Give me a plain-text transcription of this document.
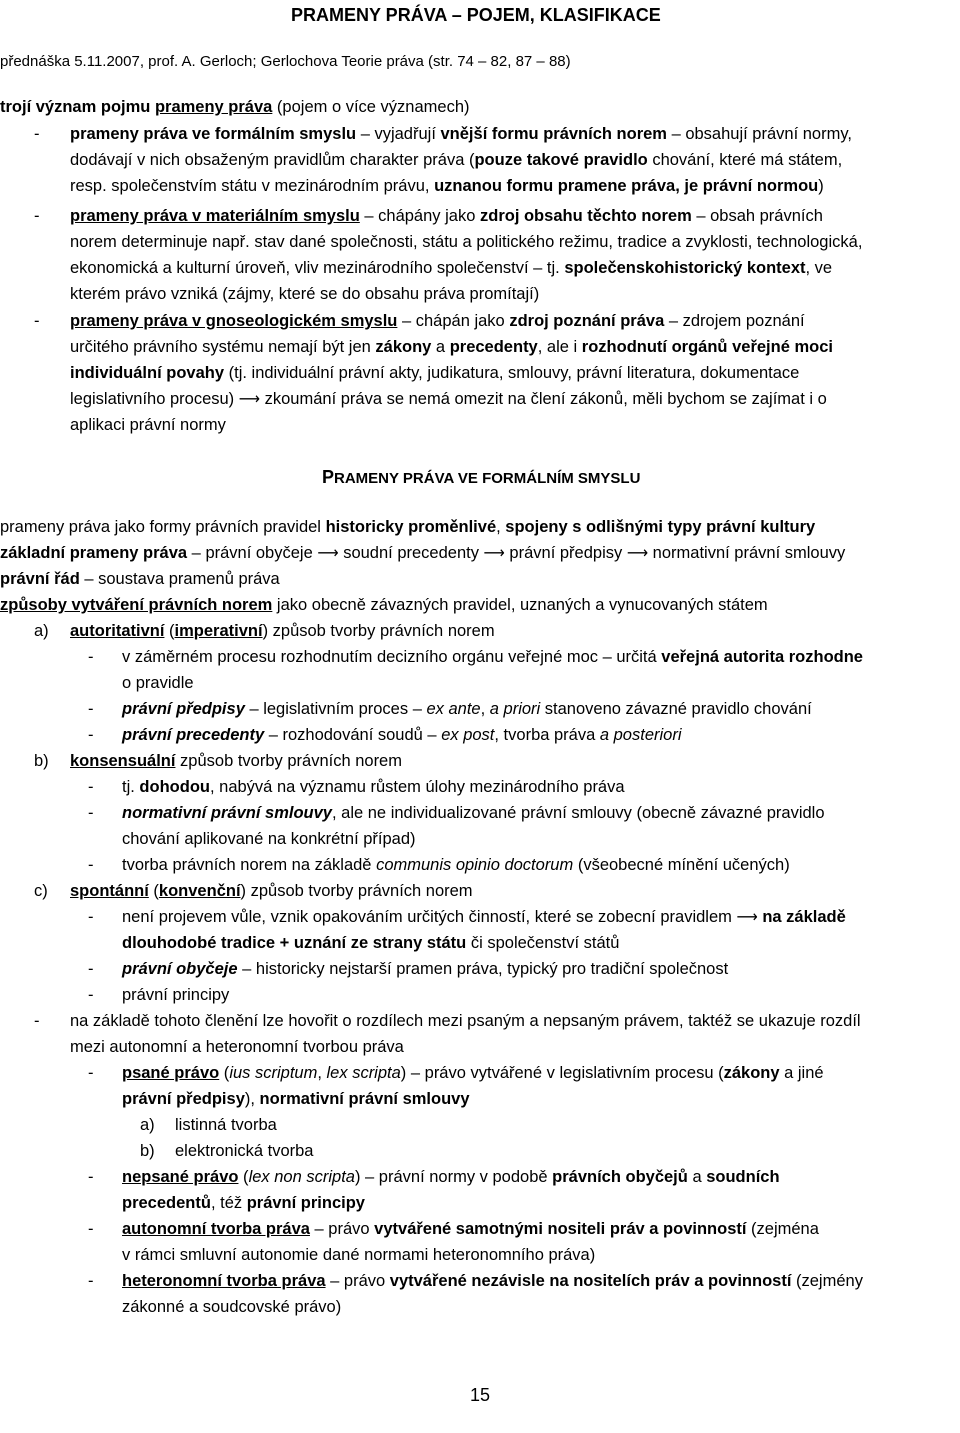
PRAMENY PRÁVA – POJEM, KLASIFIKACE
přednáška 5.11.2007, prof. A. Gerloch; Gerlochova Teorie práva (str. 74 – 82, 87 – 88)
trojí význam pojmu prameny práva (pojem o více významech)
- prameny práva ve formálním smyslu – vyjadřují vnější formu právních norem – obsahují právní normy,
dodávají v nich obsaženým pravidlům charakter práva (pouze takové pravidlo chování, které má státem,
resp. společenstvím státu v mezinárodním právu, uznanou formu pramene práva, je právní normou)
- prameny práva v materiálním smyslu – chápány jako zdroj obsahu těchto norem – obsah právních
norem determinuje např. stav dané společnosti, státu a politického režimu, tradice a zvyklosti, technologická,
ekonomická a kulturní úroveň, vliv mezinárodního společenství – tj. společenskohistorický kontext, ve
kterém právo vzniká (zájmy, které se do obsahu práva promítají)
- prameny práva v gnoseologickém smyslu – chápán jako zdroj poznání práva – zdrojem poznání
určitého právního systému nemají být jen zákony a precedenty, ale i rozhodnutí orgánů veřejné moci
individuální povahy (tj. individuální právní akty, judikatura, smlouvy, právní literatura, dokumentace
legislativního procesu) ⟶ zkoumání práva se nemá omezit na člení zákonů, měli bychom se zajímat i o
aplikaci právní normy
PRAMENY PRÁVA VE FORMÁLNÍM SMYSLU
prameny práva jako formy právních pravidel historicky proměnlivé, spojeny s odlišnými typy právní kultury
základní prameny práva – právní obyčeje ⟶ soudní precedenty ⟶ právní předpisy ⟶ normativní právní smlouvy
právní řád – soustava pramenů práva
způsoby vytváření právních norem jako obecně závazných pravidel, uznaných a vynucovaných státem
a) autoritativní (imperativní) způsob tvorby právních norem
- v záměrném procesu rozhodnutím decizního orgánu veřejné moc – určitá veřejná autorita rozhodne
o pravidle
- právní předpisy – legislativním proces – ex ante, a priori stanoveno závazné pravidlo chování
- právní precedenty – rozhodování soudů – ex post, tvorba práva a posteriori
b) konsensuální způsob tvorby právních norem
- tj. dohodou, nabývá na významu růstem úlohy mezinárodního práva
- normativní právní smlouvy, ale ne individualizované právní smlouvy (obecně závazné pravidlo
chování aplikované na konkrétní případ)
- tvorba právních norem na základě communis opinio doctorum (všeobecné mínění učených)
c) spontánní (konvenční) způsob tvorby právních norem
- není projevem vůle, vznik opakováním určitých činností, které se zobecní pravidlem ⟶ na základě
dlouhodobé tradice + uznání ze strany státu či společenství států
- právní obyčeje – historicky nejstarší pramen práva, typický pro tradiční společnost
- právní principy
- na základě tohoto členění lze hovořit o rozdílech mezi psaným a nepsaným právem, taktéž se ukazuje rozdíl
mezi autonomní a heteronomní tvorbou práva
- psané právo (ius scriptum, lex scripta) – právo vytvářené v legislativním procesu (zákony a jiné
právní předpisy), normativní právní smlouvy
a) listinná tvorba
b) elektronická tvorba
- nepsané právo (lex non scripta) – právní normy v podobě právních obyčejů a soudních
precedentů, též právní principy
- autonomní tvorba práva – právo vytvářené samotnými nositeli práv a povinností (zejména
v rámci smluvní autonomie dané normami heteronomního práva)
- heteronomní tvorba práva – právo vytvářené nezávisle na nositelích práv a povinností (zejmény
zákonné a soudcovské právo)
15
